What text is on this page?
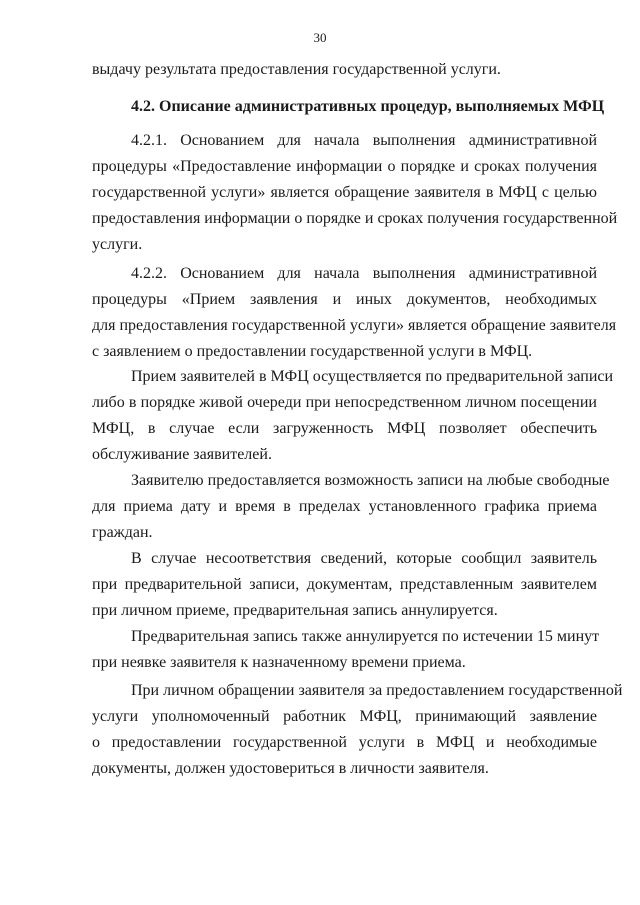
30
выдачу результата предоставления государственной услуги.
4.2. Описание административных процедур, выполняемых МФЦ
4.2.1. Основанием для начала выполнения административной
процедуры «Предоставление информации о порядке и сроках получения
государственной услуги» является обращение заявителя в МФЦ с целью
предоставления информации о порядке и сроках получения государственной
услуги.
4.2.2. Основанием для начала выполнения административной
процедуры «Прием заявления и иных документов, необходимых
для предоставления государственной услуги» является обращение заявителя
с заявлением о предоставлении государственной услуги в МФЦ.
Прием заявителей в МФЦ осуществляется по предварительной записи
либо в порядке живой очереди при непосредственном личном посещении
МФЦ, в случае если загруженность МФЦ позволяет обеспечить
обслуживание заявителей.
Заявителю предоставляется возможность записи на любые свободные
для приема дату и время в пределах установленного графика приема
граждан.
В случае несоответствия сведений, которые сообщил заявитель
при предварительной записи, документам, представленным заявителем
при личном приеме, предварительная запись аннулируется.
Предварительная запись также аннулируется по истечении 15 минут
при неявке заявителя к назначенному времени приема.
При личном обращении заявителя за предоставлением государственной
услуги уполномоченный работник МФЦ, принимающий заявление
о предоставлении государственной услуги в МФЦ и необходимые
документы, должен удостовериться в личности заявителя.
